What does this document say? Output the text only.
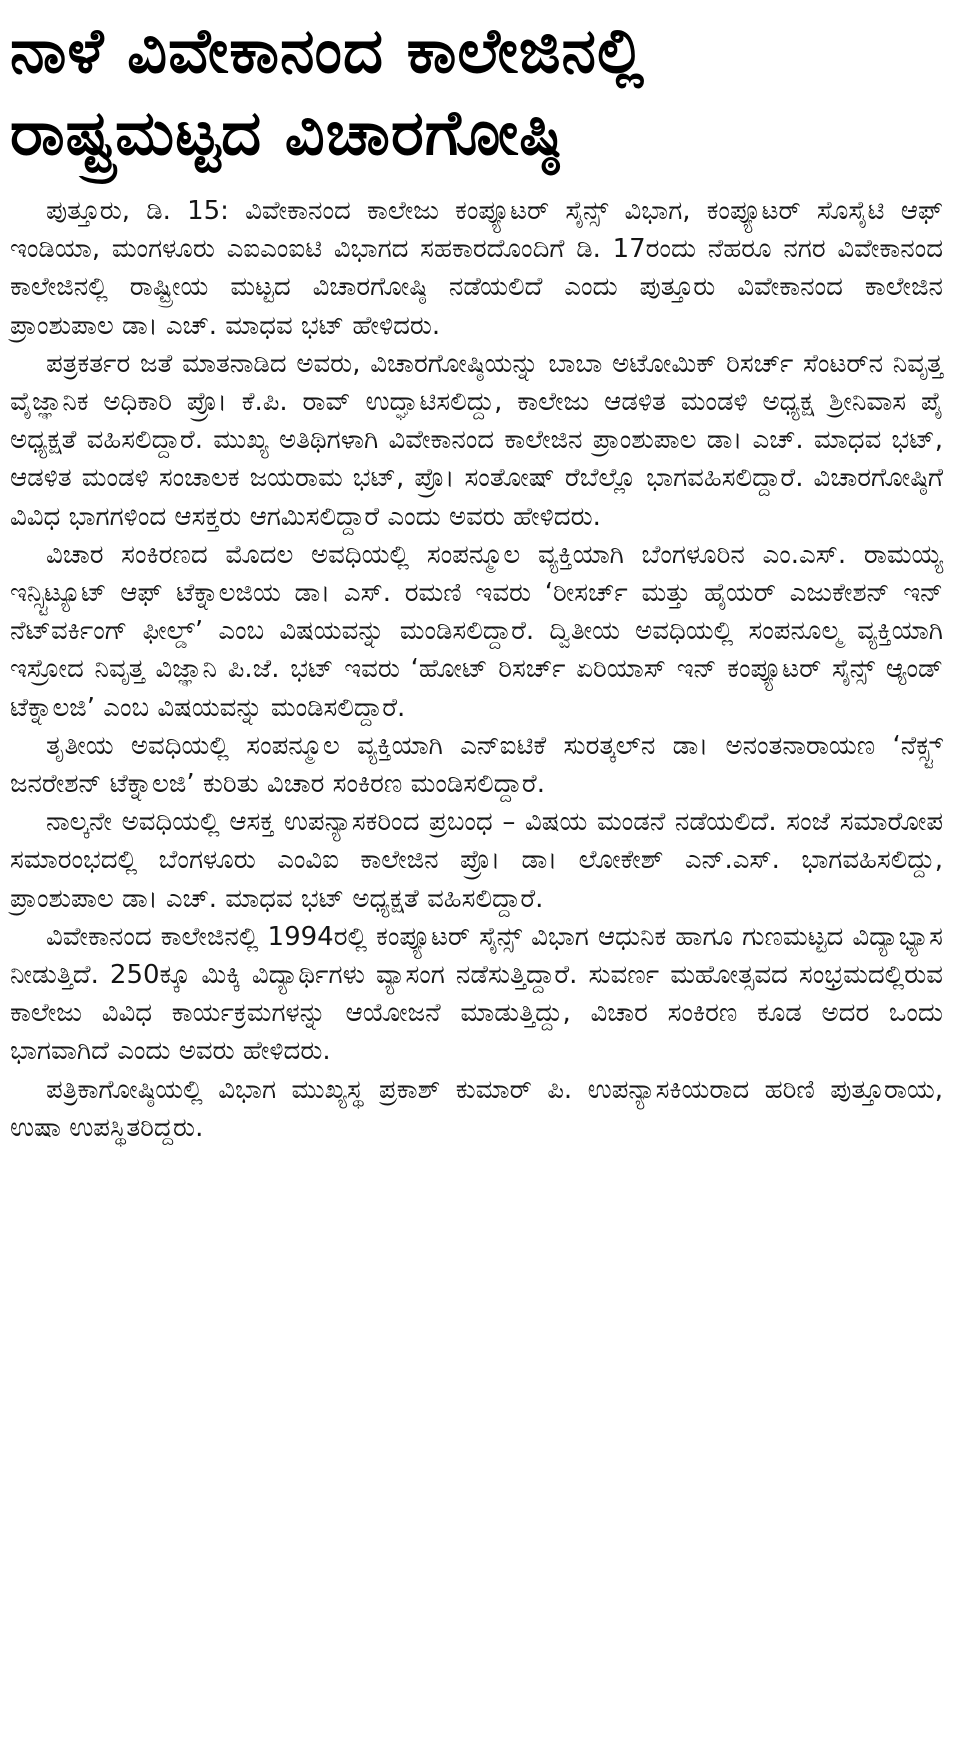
ನಾಳೆ ವಿವೇಕಾನಂದ ಕಾಲೇಜಿನಲ್ಲಿ
ರಾಷ್ಟ್ರಮಟ್ಟದ ವಿಚಾರಗೋಷ್ಠಿ

ಪುತ್ತೂರು, ಡಿ. 15: ವಿವೇಕಾನಂದ ಕಾಲೇಜು ಕಂಪ್ಯೂಟರ್ ಸೈನ್ಸ್ ವಿಭಾಗ, ಕಂಪ್ಯೂಟರ್ ಸೊಸೈಟಿ ಆಫ್ ಇಂಡಿಯಾ, ಮಂಗಳೂರು ಎಐಎಂಐಟಿ ವಿಭಾಗದ ಸಹಕಾರದೊಂದಿಗೆ ಡಿ. 17ರಂದು ನೆಹರೂ ನಗರ ವಿವೇಕಾನಂದ ಕಾಲೇಜಿನಲ್ಲಿ ರಾಷ್ಟ್ರೀಯ ಮಟ್ಟದ ವಿಚಾರಗೋಷ್ಠಿ ನಡೆಯಲಿದೆ ಎಂದು ಪುತ್ತೂರು ವಿವೇಕಾನಂದ ಕಾಲೇಜಿನ ಪ್ರಾಂಶುಪಾಲ ಡಾ। ಎಚ್. ಮಾಧವ ಭಟ್ ಹೇಳಿದರು.

ಪತ್ರಕರ್ತರ ಜತೆ ಮಾತನಾಡಿದ ಅವರು, ವಿಚಾರಗೋಷ್ಠಿಯನ್ನು ಬಾಬಾ ಅಟೋಮಿಕ್ ರಿಸರ್ಚ್ ಸೆಂಟರ್‌ನ ನಿವೃತ್ತ ವೈಜ್ಞಾನಿಕ ಅಧಿಕಾರಿ ಪ್ರೊ। ಕೆ.ಪಿ. ರಾವ್ ಉದ್ಘಾಟಿಸಲಿದ್ದು, ಕಾಲೇಜು ಆಡಳಿತ ಮಂಡಳಿ ಅಧ್ಯಕ್ಷ ಶ್ರೀನಿವಾಸ ಪೈ ಅಧ್ಯಕ್ಷತೆ ವಹಿಸಲಿದ್ದಾರೆ. ಮುಖ್ಯ ಅತಿಥಿಗಳಾಗಿ ವಿವೇಕಾನಂದ ಕಾಲೇಜಿನ ಪ್ರಾಂಶುಪಾಲ ಡಾ। ಎಚ್. ಮಾಧವ ಭಟ್, ಆಡಳಿತ ಮಂಡಳಿ ಸಂಚಾಲಕ ಜಯರಾಮ ಭಟ್, ಪ್ರೊ। ಸಂತೋಷ್ ರೆಬೆಲ್ಲೊ ಭಾಗವಹಿಸಲಿದ್ದಾರೆ. ವಿಚಾರಗೋಷ್ಠಿಗೆ ವಿವಿಧ ಭಾಗಗಳಿಂದ ಆಸಕ್ತರು ಆಗಮಿಸಲಿದ್ದಾರೆ ಎಂದು ಅವರು ಹೇಳಿದರು.

ವಿಚಾರ ಸಂಕಿರಣದ ಮೊದಲ ಅವಧಿಯಲ್ಲಿ ಸಂಪನ್ಮೂಲ ವ್ಯಕ್ತಿಯಾಗಿ ಬೆಂಗಳೂರಿನ ಎಂ.ಎಸ್. ರಾಮಯ್ಯ ಇನ್ಸ್ಟಿಟ್ಯೂಟ್ ಆಫ್ ಟೆಕ್ನಾಲಜಿಯ ಡಾ। ಎಸ್. ರಮಣಿ ಇವರು ‘ರೀಸರ್ಚ್ ಮತ್ತು ಹೈಯರ್ ಎಜುಕೇಶನ್ ಇನ್ ನೆಟ್‌ವರ್ಕಿಂಗ್ ಫೀಲ್ಡ್’ ಎಂಬ ವಿಷಯವನ್ನು ಮಂಡಿಸಲಿದ್ದಾರೆ. ದ್ವಿತೀಯ ಅವಧಿಯಲ್ಲಿ ಸಂಪನೂಲ್ಮ ವ್ಯಕ್ತಿಯಾಗಿ ಇಸ್ರೋದ ನಿವೃತ್ತ ವಿಜ್ಞಾನಿ ಪಿ.ಜೆ. ಭಟ್ ಇವರು ‘ಹೋಟ್ ರಿಸರ್ಚ್ ಏರಿಯಾಸ್ ಇನ್ ಕಂಪ್ಯೂಟರ್ ಸೈನ್ಸ್ ಆ್ಯಂಡ್ ಟೆಕ್ನಾಲಜಿ’ ಎಂಬ ವಿಷಯವನ್ನು ಮಂಡಿಸಲಿದ್ದಾರೆ.

ತೃತೀಯ ಅವಧಿಯಲ್ಲಿ ಸಂಪನ್ಮೂಲ ವ್ಯಕ್ತಿಯಾಗಿ ಎನ್‌ಐಟಿಕೆ ಸುರತ್ಕಲ್‌ನ ಡಾ। ಅನಂತನಾರಾಯಣ ‘ನೆಕ್ಸ್ಟ್ ಜನರೇಶನ್ ಟೆಕ್ನಾಲಜಿ’ ಕುರಿತು ವಿಚಾರ ಸಂಕಿರಣ ಮಂಡಿಸಲಿದ್ದಾರೆ.

ನಾಲ್ಕನೇ ಅವಧಿಯಲ್ಲಿ ಆಸಕ್ತ ಉಪನ್ಯಾಸಕರಿಂದ ಪ್ರಬಂಧ – ವಿಷಯ ಮಂಡನೆ ನಡೆಯಲಿದೆ. ಸಂಜೆ ಸಮಾರೋಪ ಸಮಾರಂಭದಲ್ಲಿ ಬೆಂಗಳೂರು ಎಂವಿಐ ಕಾಲೇಜಿನ ಪ್ರೊ। ಡಾ। ಲೋಕೇಶ್ ಎನ್.ಎಸ್. ಭಾಗವಹಿಸಲಿದ್ದು, ಪ್ರಾಂಶುಪಾಲ ಡಾ। ಎಚ್. ಮಾಧವ ಭಟ್ ಅಧ್ಯಕ್ಷತೆ ವಹಿಸಲಿದ್ದಾರೆ.

ವಿವೇಕಾನಂದ ಕಾಲೇಜಿನಲ್ಲಿ 1994ರಲ್ಲಿ ಕಂಪ್ಯೂಟರ್ ಸೈನ್ಸ್ ವಿಭಾಗ ಆಧುನಿಕ ಹಾಗೂ ಗುಣಮಟ್ಟದ ವಿದ್ಯಾಭ್ಯಾಸ ನೀಡುತ್ತಿದೆ. 250ಕ್ಕೂ ಮಿಕ್ಕಿ ವಿದ್ಯಾರ್ಥಿಗಳು ವ್ಯಾಸಂಗ ನಡೆಸುತ್ತಿದ್ದಾರೆ. ಸುವರ್ಣ ಮಹೋತ್ಸವದ ಸಂಭ್ರಮದಲ್ಲಿರುವ ಕಾಲೇಜು ವಿವಿಧ ಕಾರ್ಯಕ್ರಮಗಳನ್ನು ಆಯೋಜನೆ ಮಾಡುತ್ತಿದ್ದು, ವಿಚಾರ ಸಂಕಿರಣ ಕೂಡ ಅದರ ಒಂದು ಭಾಗವಾಗಿದೆ ಎಂದು ಅವರು ಹೇಳಿದರು.

ಪತ್ರಿಕಾಗೋಷ್ಠಿಯಲ್ಲಿ ವಿಭಾಗ ಮುಖ್ಯಸ್ಥ ಪ್ರಕಾಶ್ ಕುಮಾರ್ ಪಿ. ಉಪನ್ಯಾಸಕಿಯರಾದ ಹರಿಣಿ ಪುತ್ತೂರಾಯ, ಉಷಾ ಉಪಸ್ಥಿತರಿದ್ದರು.
